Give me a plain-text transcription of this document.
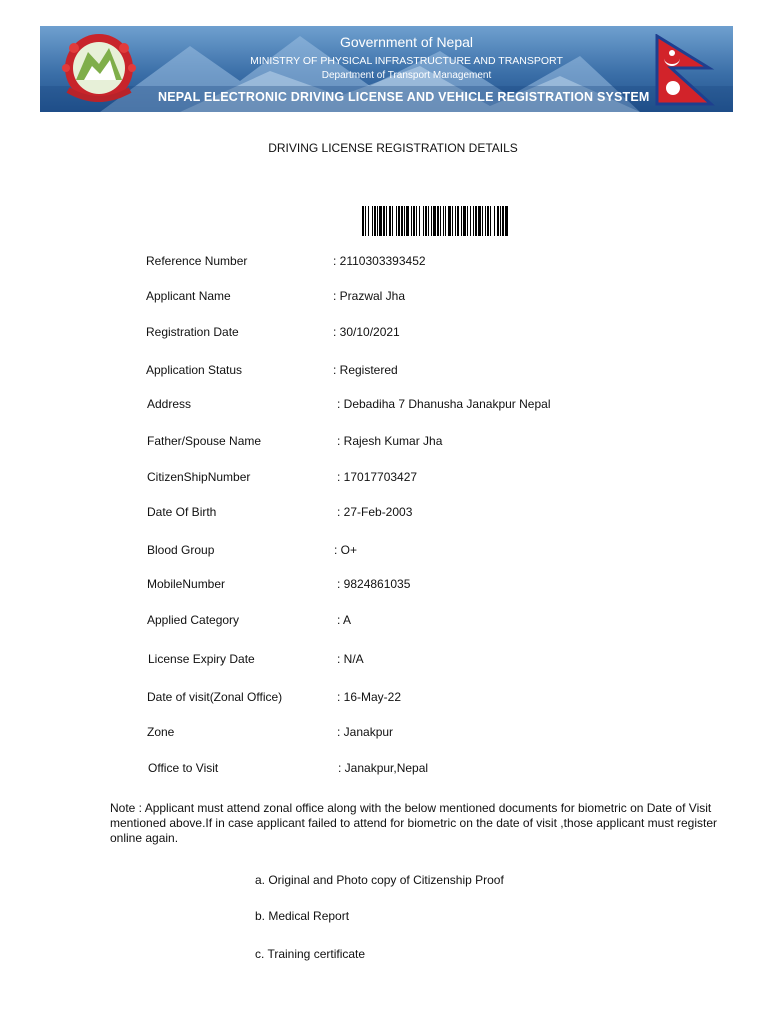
Government of Nepal
MINISTRY OF PHYSICAL INFRASTRUCTURE AND TRANSPORT
Department of Transport Management
NEPAL ELECTRONIC DRIVING LICENSE AND VEHICLE REGISTRATION SYSTEM
DRIVING LICENSE REGISTRATION DETAILS
Reference Number	: 2110303393452
Applicant Name	: Prazwal Jha
Registration Date	: 30/10/2021
Application Status	: Registered
Address	: Debadiha 7 Dhanusha Janakpur Nepal
Father/Spouse Name	: Rajesh Kumar Jha
CitizenShipNumber	: 17017703427
Date Of Birth	: 27-Feb-2003
Blood Group	: O+
MobileNumber	: 9824861035
Applied Category	: A
License Expiry Date	: N/A
Date of visit(Zonal Office)	: 16-May-22
Zone	: Janakpur
Office to Visit	: Janakpur,Nepal
Note : Applicant must attend zonal office along with the below mentioned documents for biometric on Date of Visit mentioned above.If in case applicant failed to attend for biometric on the date of visit ,those applicant must register online again.
a. Original and Photo copy of Citizenship Proof
b. Medical Report
c. Training certificate
